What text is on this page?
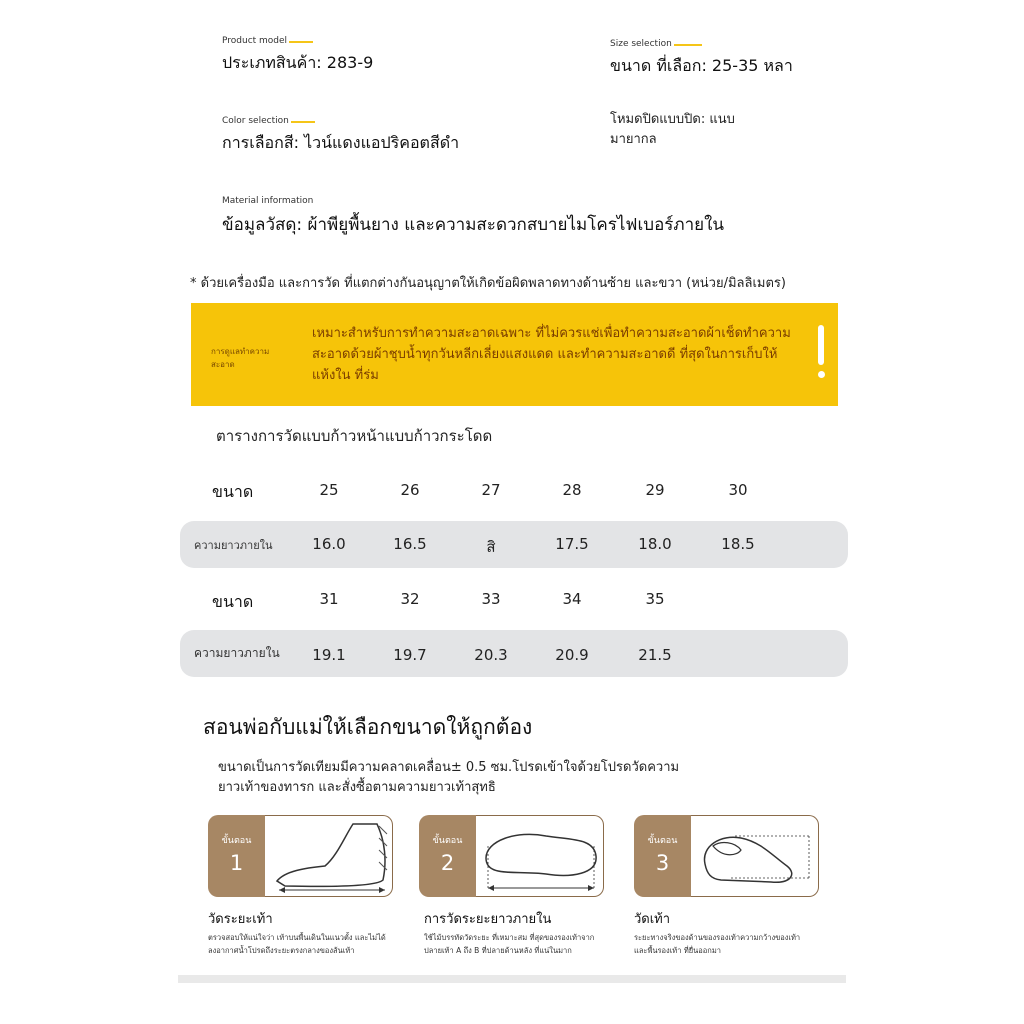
Product model
ประเภทสินค้า: 283-9
Size selection
ขนาด ที่เลือก: 25-35 หลา
Color selection
การเลือกสี: ไวน์แดงแอปริคอตสีดำ
โหมดปิดแบบปิด: แนบ
มายากล
Material information
ข้อมูลวัสดุ: ผ้าพียูพื้นยาง และความสะดวกสบายไมโครไฟเบอร์ภายใน
* ด้วยเครื่องมือ และการวัด ที่แตกต่างกันอนุญาตให้เกิดข้อผิดพลาดทางด้านซ้าย และขวา (หน่วย/มิลลิเมตร)
การดูแลทำความ
สะอาด
เหมาะสำหรับการทำความสะอาดเฉพาะ ที่ไม่ควรแช่เพื่อทำความสะอาดผ้าเช็ดทำความสะอาดด้วยผ้าชุบน้ำทุกวันหลีกเลี่ยงแสงแดด และทำความสะอาดดี ที่สุดในการเก็บให้แห้งใน ที่ร่ม
ตารางการวัดแบบก้าวหน้าแบบก้าวกระโดด
ขนาด	25	26	27	28	29	30
ความยาวภายใน	16.0	16.5	สิ	17.5	18.0	18.5
ขนาด	31	32	33	34	35
ความยาวภายใน 19.1	19.7	20.3	20.9	21.5
สอนพ่อกับแม่ให้เลือกขนาดให้ถูกต้อง
ขนาดเป็นการวัดเทียมมีความคลาดเคลื่อน± 0.5 ซม.โปรดเข้าใจด้วยโปรดวัดความ
ยาวเท้าของทารก และสั่งซื้อตามความยาวเท้าสุทธิ
ขั้นตอน
1
วัดระยะเท้า
ตรวจสอบให้แน่ใจว่า เท้าบนพื้นเดินในแนวตั้ง และไม่ได้ลงอากาศน้ำโปรดถึงระยะตรงกลางของส้นเท้า
ขั้นตอน
2
การวัดระยะยาวภายใน
ใช้ไม้บรรทัดวัดระยะ ที่เหมาะสม ที่สุดของรองเท้าจากปลายเท้า A ถึง B ที่ปลายด้านหลัง ที่แน่ในมาก
ขั้นตอน
3
วัดเท้า
ระยะทางจริงของด้านของรองเท้าความกว้างของเท้า และพื้นรองเท้า ที่ยื่นออกมา
